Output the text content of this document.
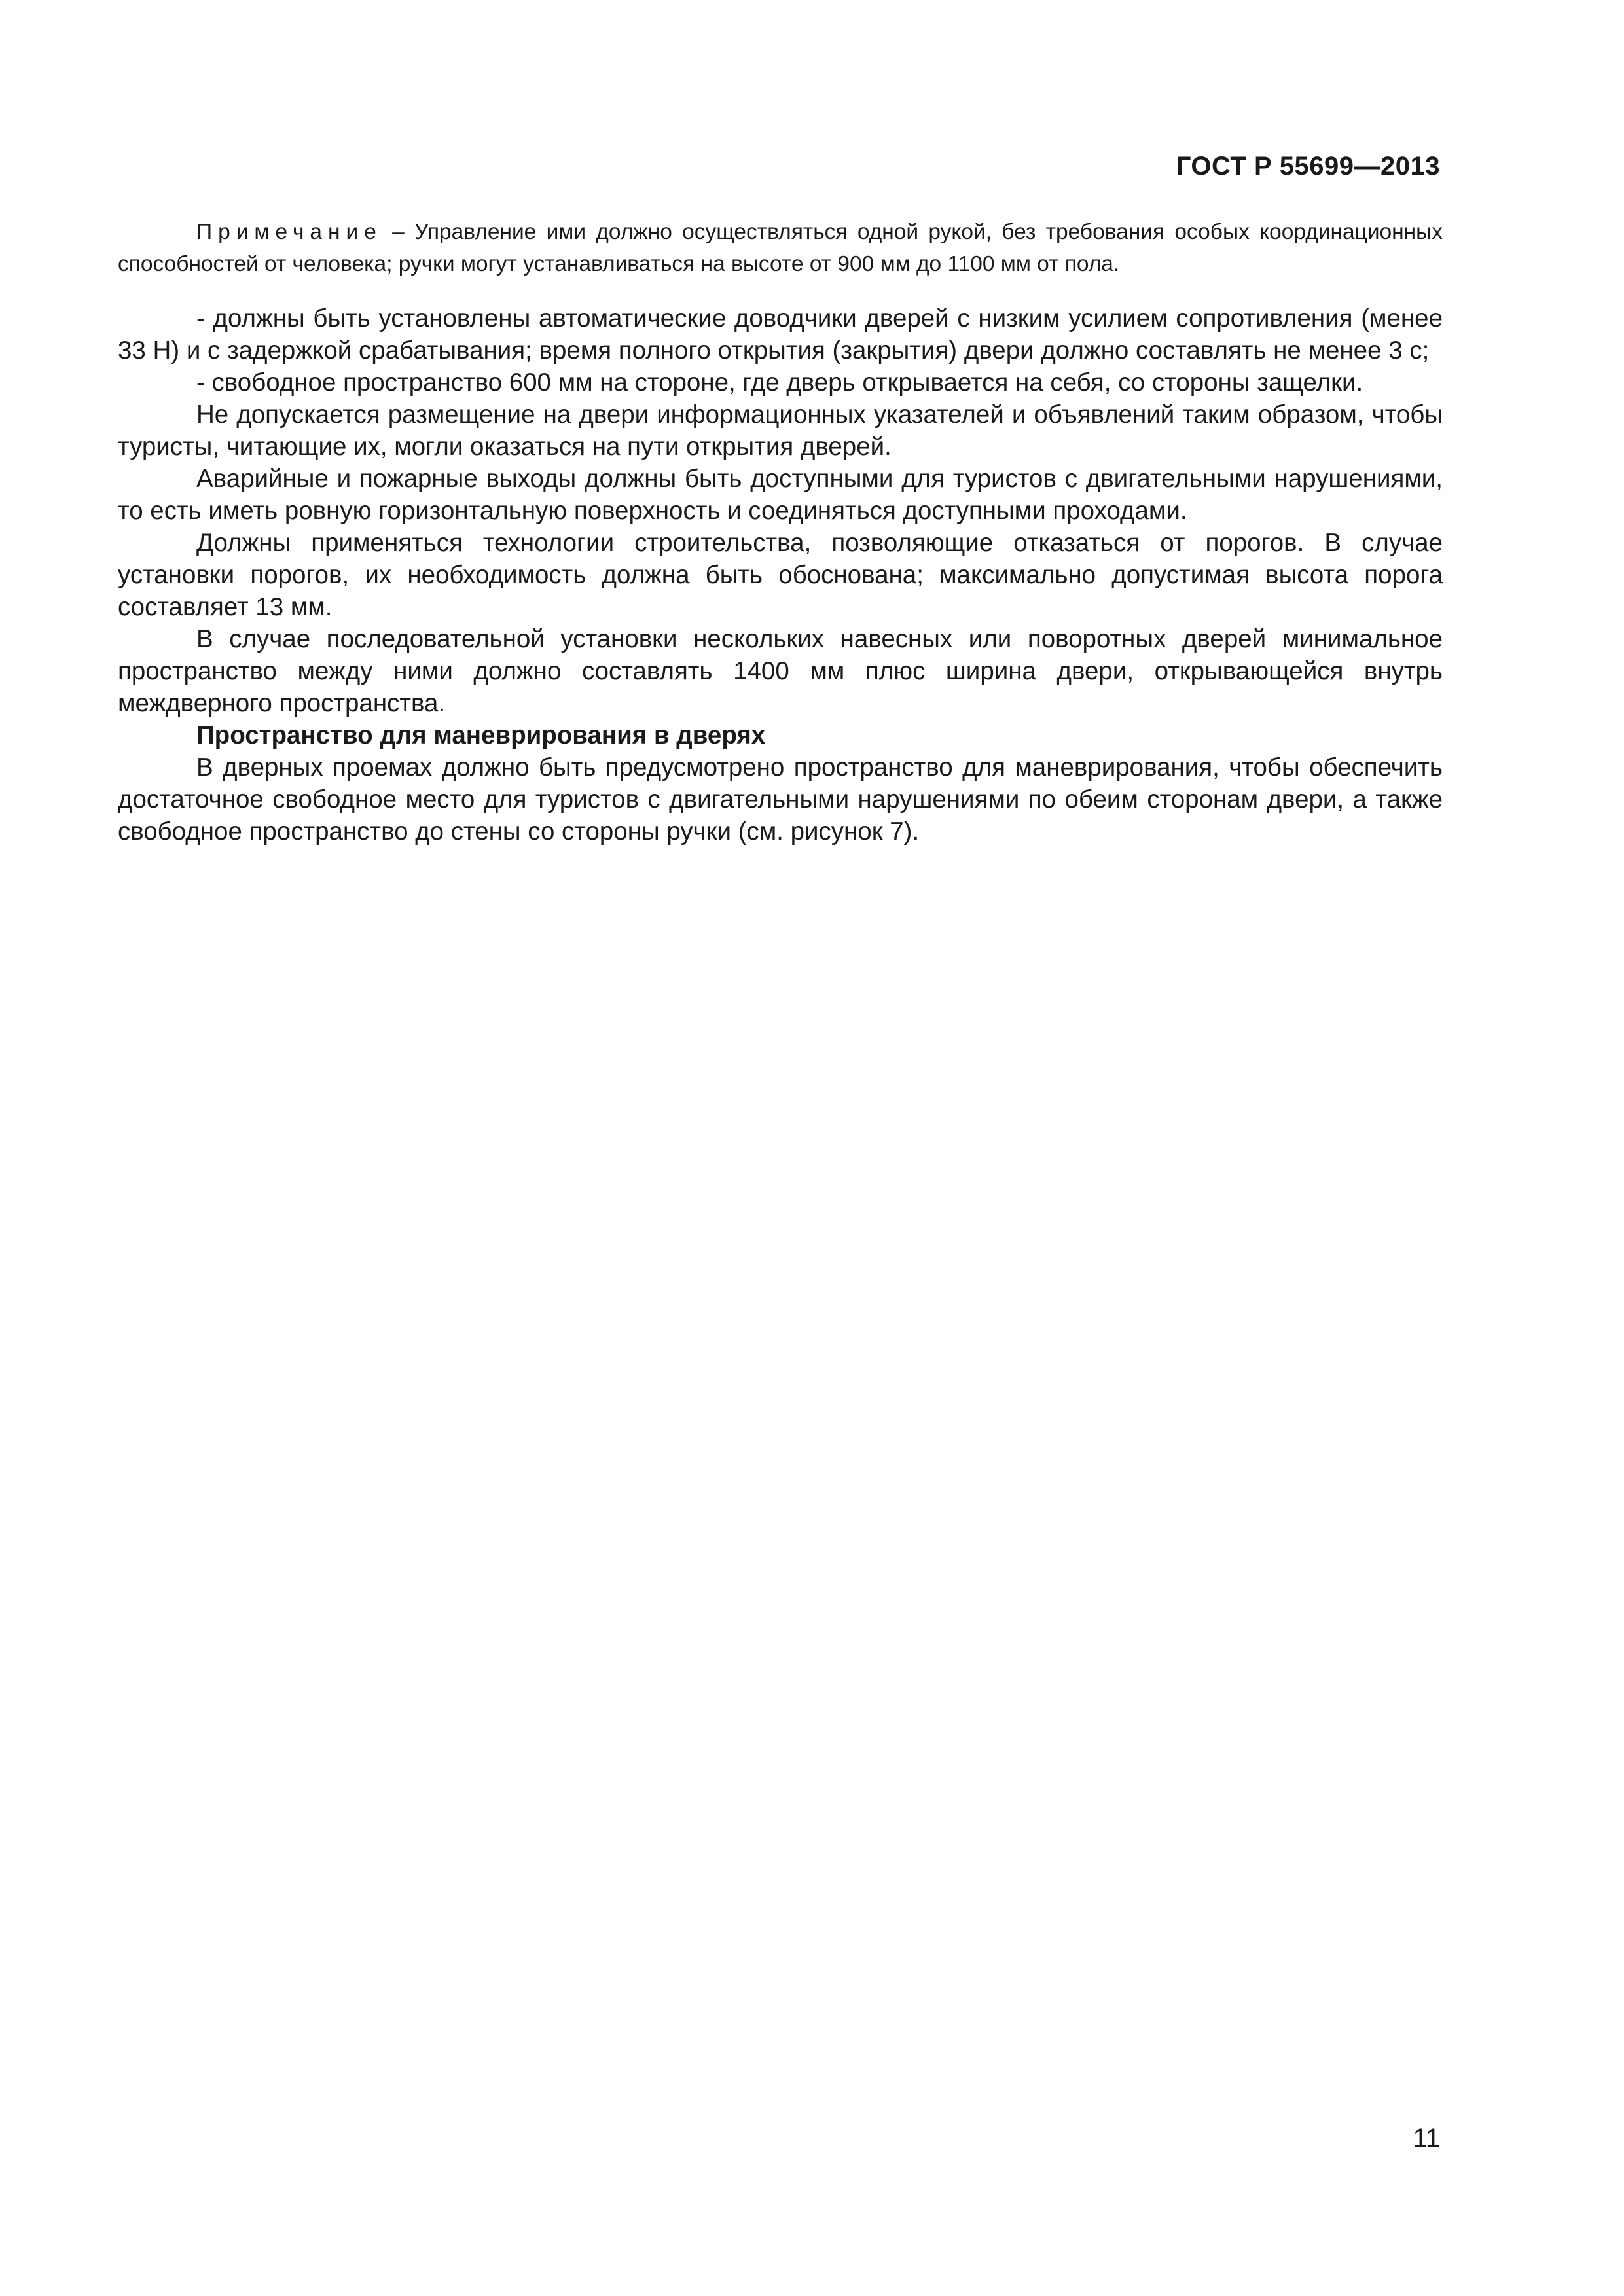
ГОСТ Р 55699—2013

Примечание – Управление ими должно осуществляться одной рукой, без требования особых координационных способностей от человека; ручки могут устанавливаться на высоте от 900 мм до 1100 мм от пола.

- должны быть установлены автоматические доводчики дверей с низким усилием сопротивления (менее 33 Н) и с задержкой срабатывания; время полного открытия (закрытия) двери должно составлять не менее 3 с;

- свободное пространство 600 мм на стороне, где дверь открывается на себя, со стороны защелки.

Не допускается размещение на двери информационных указателей и объявлений таким образом, чтобы туристы, читающие их, могли оказаться на пути открытия дверей.

Аварийные и пожарные выходы должны быть доступными для туристов с двигательными нарушениями, то есть иметь ровную горизонтальную поверхность и соединяться доступными проходами.

Должны применяться технологии строительства, позволяющие отказаться от порогов. В случае установки порогов, их необходимость должна быть обоснована; максимально допустимая высота порога составляет 13 мм.

В случае последовательной установки нескольких навесных или поворотных дверей минимальное пространство между ними должно составлять 1400 мм плюс ширина двери, открывающейся внутрь междверного пространства.

Пространство для маневрирования в дверях

В дверных проемах должно быть предусмотрено пространство для маневрирования, чтобы обеспечить достаточное свободное место для туристов с двигательными нарушениями по обеим сторонам двери, а также свободное пространство до стены со стороны ручки (см. рисунок 7).

11
